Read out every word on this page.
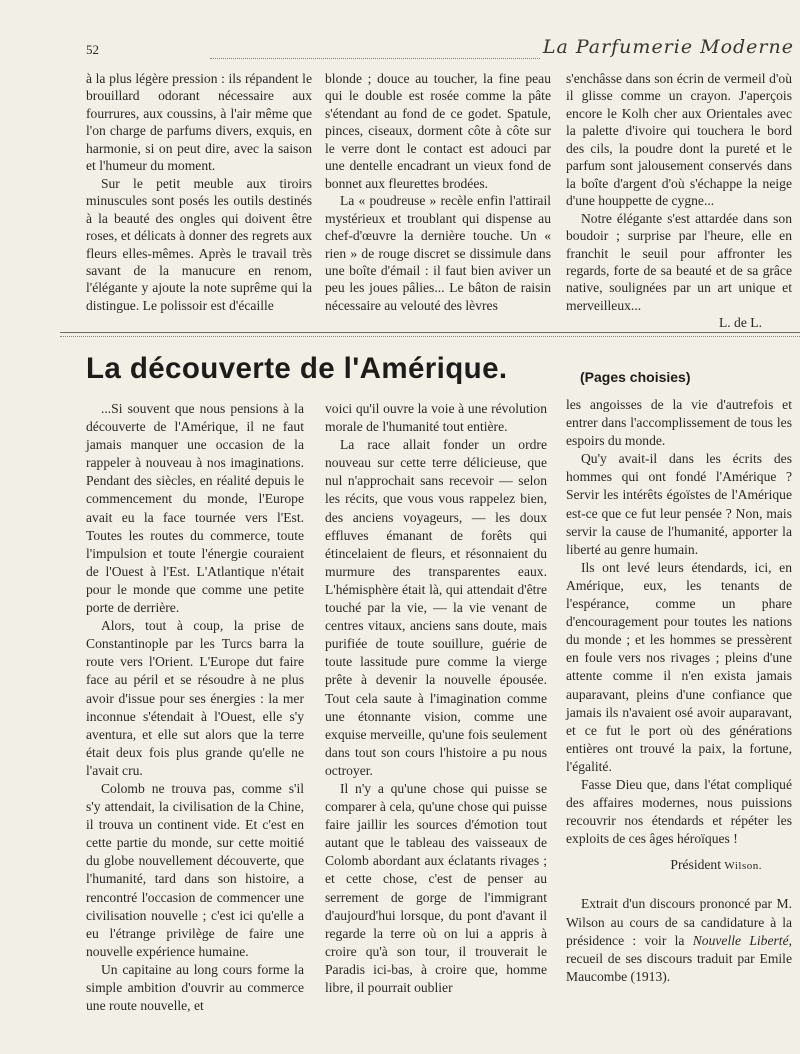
52	La Parfumerie Moderne

à la plus légère pression : ils répandent le brouillard odorant nécessaire aux fourrures, aux coussins, à l'air même que l'on charge de parfums divers, exquis, en harmonie, si on peut dire, avec la saison et l'humeur du moment.

Sur le petit meuble aux tiroirs minuscules sont posés les outils destinés à la beauté des ongles qui doivent être roses, et délicats à donner des regrets aux fleurs elles-mêmes. Après le travail très savant de la manucure en renom, l'élégante y ajoute la note suprême qui la distingue. Le polissoir est d'écaille

blonde ; douce au toucher, la fine peau qui le double est rosée comme la pâte s'étendant au fond de ce godet. Spatule, pinces, ciseaux, dorment côte à côte sur le verre dont le contact est adouci par une dentelle encadrant un vieux fond de bonnet aux fleurettes brodées.

La « poudreuse » recèle enfin l'attirail mystérieux et troublant qui dispense au chef-d'œuvre la dernière touche. Un « rien » de rouge discret se dissimule dans une boîte d'émail : il faut bien aviver un peu les joues pâlies... Le bâton de raisin nécessaire au velouté des lèvres

s'enchâsse dans son écrin de vermeil d'où il glisse comme un crayon. J'aperçois encore le Kolh cher aux Orientales avec la palette d'ivoire qui touchera le bord des cils, la poudre dont la pureté et le parfum sont jalousement conservés dans la boîte d'argent d'où s'échappe la neige d'une houppette de cygne...

Notre élégante s'est attardée dans son boudoir ; surprise par l'heure, elle en franchit le seuil pour affronter les regards, forte de sa beauté et de sa grâce native, soulignées par un art unique et merveilleux...

L. de L.

La découverte de l'Amérique.	(Pages choisies)

...Si souvent que nous pensions à la découverte de l'Amérique, il ne faut jamais manquer une occasion de la rappeler à nouveau à nos imaginations. Pendant des siècles, en réalité depuis le commencement du monde, l'Europe avait eu la face tournée vers l'Est. Toutes les routes du commerce, toute l'impulsion et toute l'énergie couraient de l'Ouest à l'Est. L'Atlantique n'était pour le monde que comme une petite porte de derrière.

Alors, tout à coup, la prise de Constantinople par les Turcs barra la route vers l'Orient. L'Europe dut faire face au péril et se résoudre à ne plus avoir d'issue pour ses énergies : la mer inconnue s'étendait à l'Ouest, elle s'y aventura, et elle sut alors que la terre était deux fois plus grande qu'elle ne l'avait cru.

Colomb ne trouva pas, comme s'il s'y attendait, la civilisation de la Chine, il trouva un continent vide. Et c'est en cette partie du monde, sur cette moitié du globe nouvellement découverte, que l'humanité, tard dans son histoire, a rencontré l'occasion de commencer une civilisation nouvelle ; c'est ici qu'elle a eu l'étrange privilège de faire une nouvelle expérience humaine.

Un capitaine au long cours forme la simple ambition d'ouvrir au commerce une route nouvelle, et

voici qu'il ouvre la voie à une révolution morale de l'humanité tout entière.

La race allait fonder un ordre nouveau sur cette terre délicieuse, que nul n'approchait sans recevoir — selon les récits, que vous vous rappelez bien, des anciens voyageurs, — les doux effluves émanant de forêts qui étincelaient de fleurs, et résonnaient du murmure des transparentes eaux. L'hémisphère était là, qui attendait d'être touché par la vie, — la vie venant de centres vitaux, anciens sans doute, mais purifiée de toute souillure, guérie de toute lassitude pure comme la vierge prête à devenir la nouvelle épousée. Tout cela saute à l'imagination comme une étonnante vision, comme une exquise merveille, qu'une fois seulement dans tout son cours l'histoire a pu nous octroyer.

Il n'y a qu'une chose qui puisse se comparer à cela, qu'une chose qui puisse faire jaillir les sources d'émotion tout autant que le tableau des vaisseaux de Colomb abordant aux éclatants rivages ; et cette chose, c'est de penser au serrement de gorge de l'immigrant d'aujourd'hui lorsque, du pont d'avant il regarde la terre où on lui a appris à croire qu'à son tour, il trouverait le Paradis ici-bas, à croire que, homme libre, il pourrait oublier

les angoisses de la vie d'autrefois et entrer dans l'accomplissement de tous les espoirs du monde.

Qu'y avait-il dans les écrits des hommes qui ont fondé l'Amérique ? Servir les intérêts égoïstes de l'Amérique est-ce que ce fut leur pensée ? Non, mais servir la cause de l'humanité, apporter la liberté au genre humain.

Ils ont levé leurs étendards, ici, en Amérique, eux, les tenants de l'espérance, comme un phare d'encouragement pour toutes les nations du monde ; et les hommes se pressèrent en foule vers nos rivages ; pleins d'une attente comme il n'en exista jamais auparavant, pleins d'une confiance que jamais ils n'avaient osé avoir auparavant, et ce fut le port où des générations entières ont trouvé la paix, la fortune, l'égalité.

Fasse Dieu que, dans l'état compliqué des affaires modernes, nous puissions recouvrir nos étendards et répéter les exploits de ces âges héroïques !

Président Wilson.

Extrait d'un discours prononcé par M. Wilson au cours de sa candidature à la présidence : voir la Nouvelle Liberté, recueil de ses discours traduit par Emile Maucombe (1913).
